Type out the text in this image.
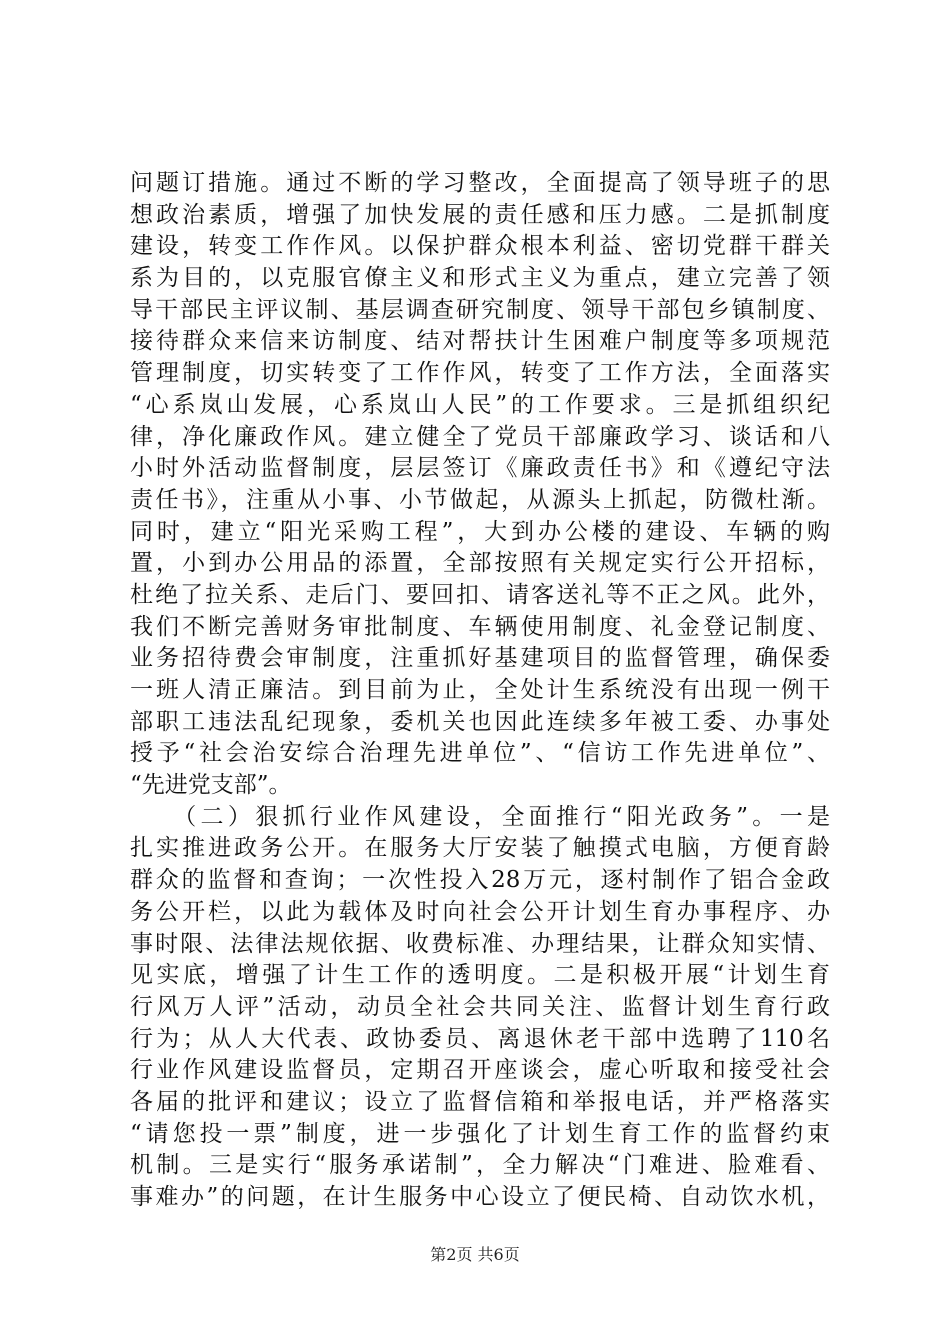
问题订措施。通过不断的学习整改，全面提高了领导班子的思
想政治素质，增强了加快发展的责任感和压力感。二是抓制度
建设，转变工作作风。以保护群众根本利益、密切党群干群关
系为目的，以克服官僚主义和形式主义为重点，建立完善了领
导干部民主评议制、基层调查研究制度、领导干部包乡镇制度、
接待群众来信来访制度、结对帮扶计生困难户制度等多项规范
管理制度，切实转变了工作作风，转变了工作方法，全面落实
“心系岚山发展，心系岚山人民”的工作要求。三是抓组织纪
律，净化廉政作风。建立健全了党员干部廉政学习、谈话和八
小时外活动监督制度，层层签订《廉政责任书》和《遵纪守法
责任书》，注重从小事、小节做起，从源头上抓起，防微杜渐。
同时，建立“阳光采购工程”，大到办公楼的建设、车辆的购
置，小到办公用品的添置，全部按照有关规定实行公开招标，
杜绝了拉关系、走后门、要回扣、请客送礼等不正之风。此外，
我们不断完善财务审批制度、车辆使用制度、礼金登记制度、
业务招待费会审制度，注重抓好基建项目的监督管理，确保委
一班人清正廉洁。到目前为止，全处计生系统没有出现一例干
部职工违法乱纪现象，委机关也因此连续多年被工委、办事处
授予“社会治安综合治理先进单位”、“信访工作先进单位”、
“先进党支部”。
　　（二）狠抓行业作风建设，全面推行“阳光政务”。一是
扎实推进政务公开。在服务大厅安装了触摸式电脑，方便育龄
群众的监督和查询；一次性投入28万元，逐村制作了铝合金政
务公开栏，以此为载体及时向社会公开计划生育办事程序、办
事时限、法律法规依据、收费标准、办理结果，让群众知实情、
见实底，增强了计生工作的透明度。二是积极开展“计划生育
行风万人评”活动，动员全社会共同关注、监督计划生育行政
行为；从人大代表、政协委员、离退休老干部中选聘了110名
行业作风建设监督员，定期召开座谈会，虚心听取和接受社会
各届的批评和建议；设立了监督信箱和举报电话，并严格落实
“请您投一票”制度，进一步强化了计划生育工作的监督约束
机制。三是实行“服务承诺制”，全力解决“门难进、脸难看、
事难办”的问题，在计生服务中心设立了便民椅、自动饮水机，
第2页 共6页
